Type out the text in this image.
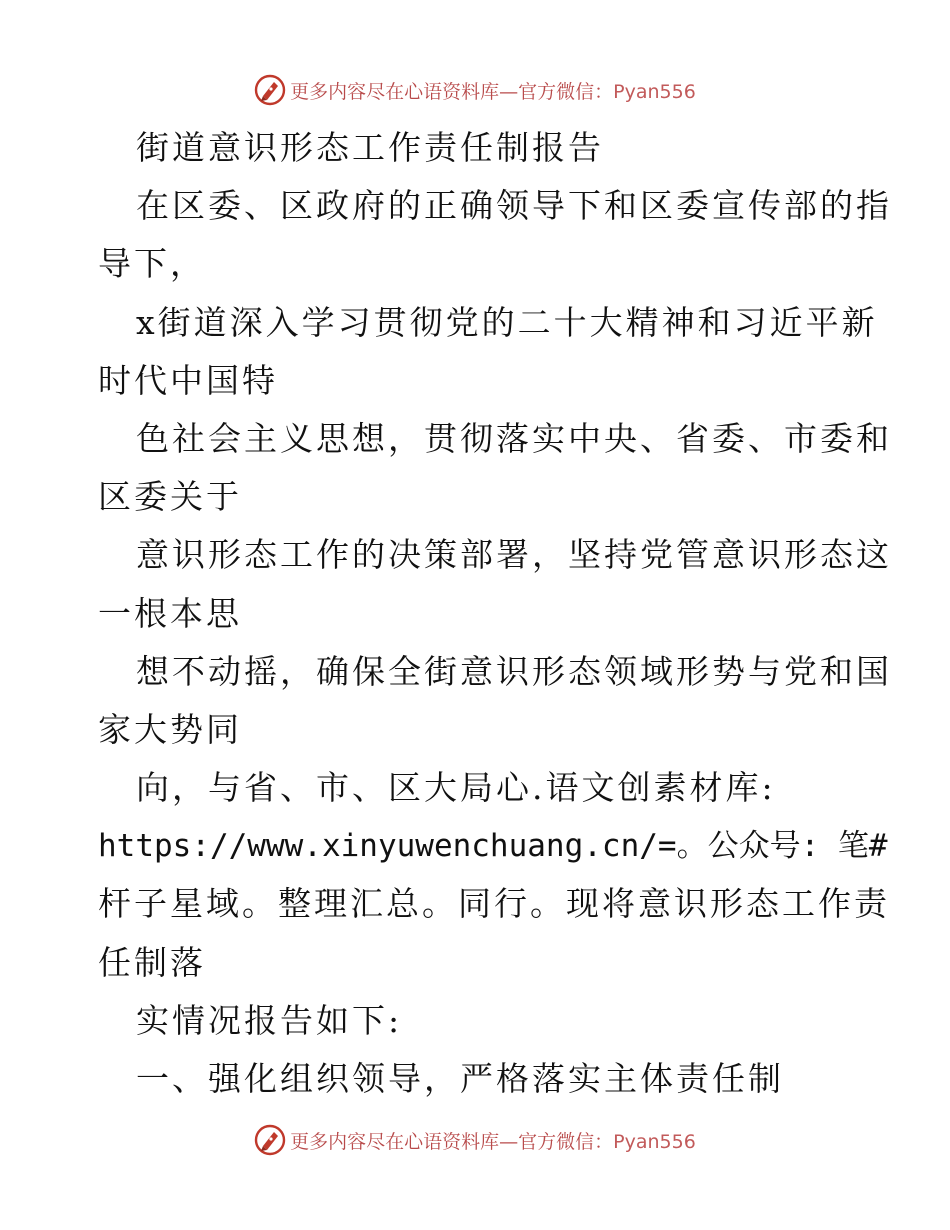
更多内容尽在心语资料库—官方微信：Pyan556
街道意识形态工作责任制报告
在区委、区政府的正确领导下和区委宣传部的指
导下，
x街道深入学习贯彻党的二十大精神和习近平新
时代中国特
色社会主义思想，贯彻落实中央、省委、市委和
区委关于
意识形态工作的决策部署，坚持党管意识形态这
一根本思
想不动摇，确保全街意识形态领域形势与党和国
家大势同
向，与省、市、区大局心.语文创素材库:
https://www.xinyuwenchuang.cn/=。公众号: 笔#
杆子星域。整理汇总。同行。现将意识形态工作责
任制落
实情况报告如下:
一、强化组织领导，严格落实主体责任制
更多内容尽在心语资料库—官方微信：Pyan556
